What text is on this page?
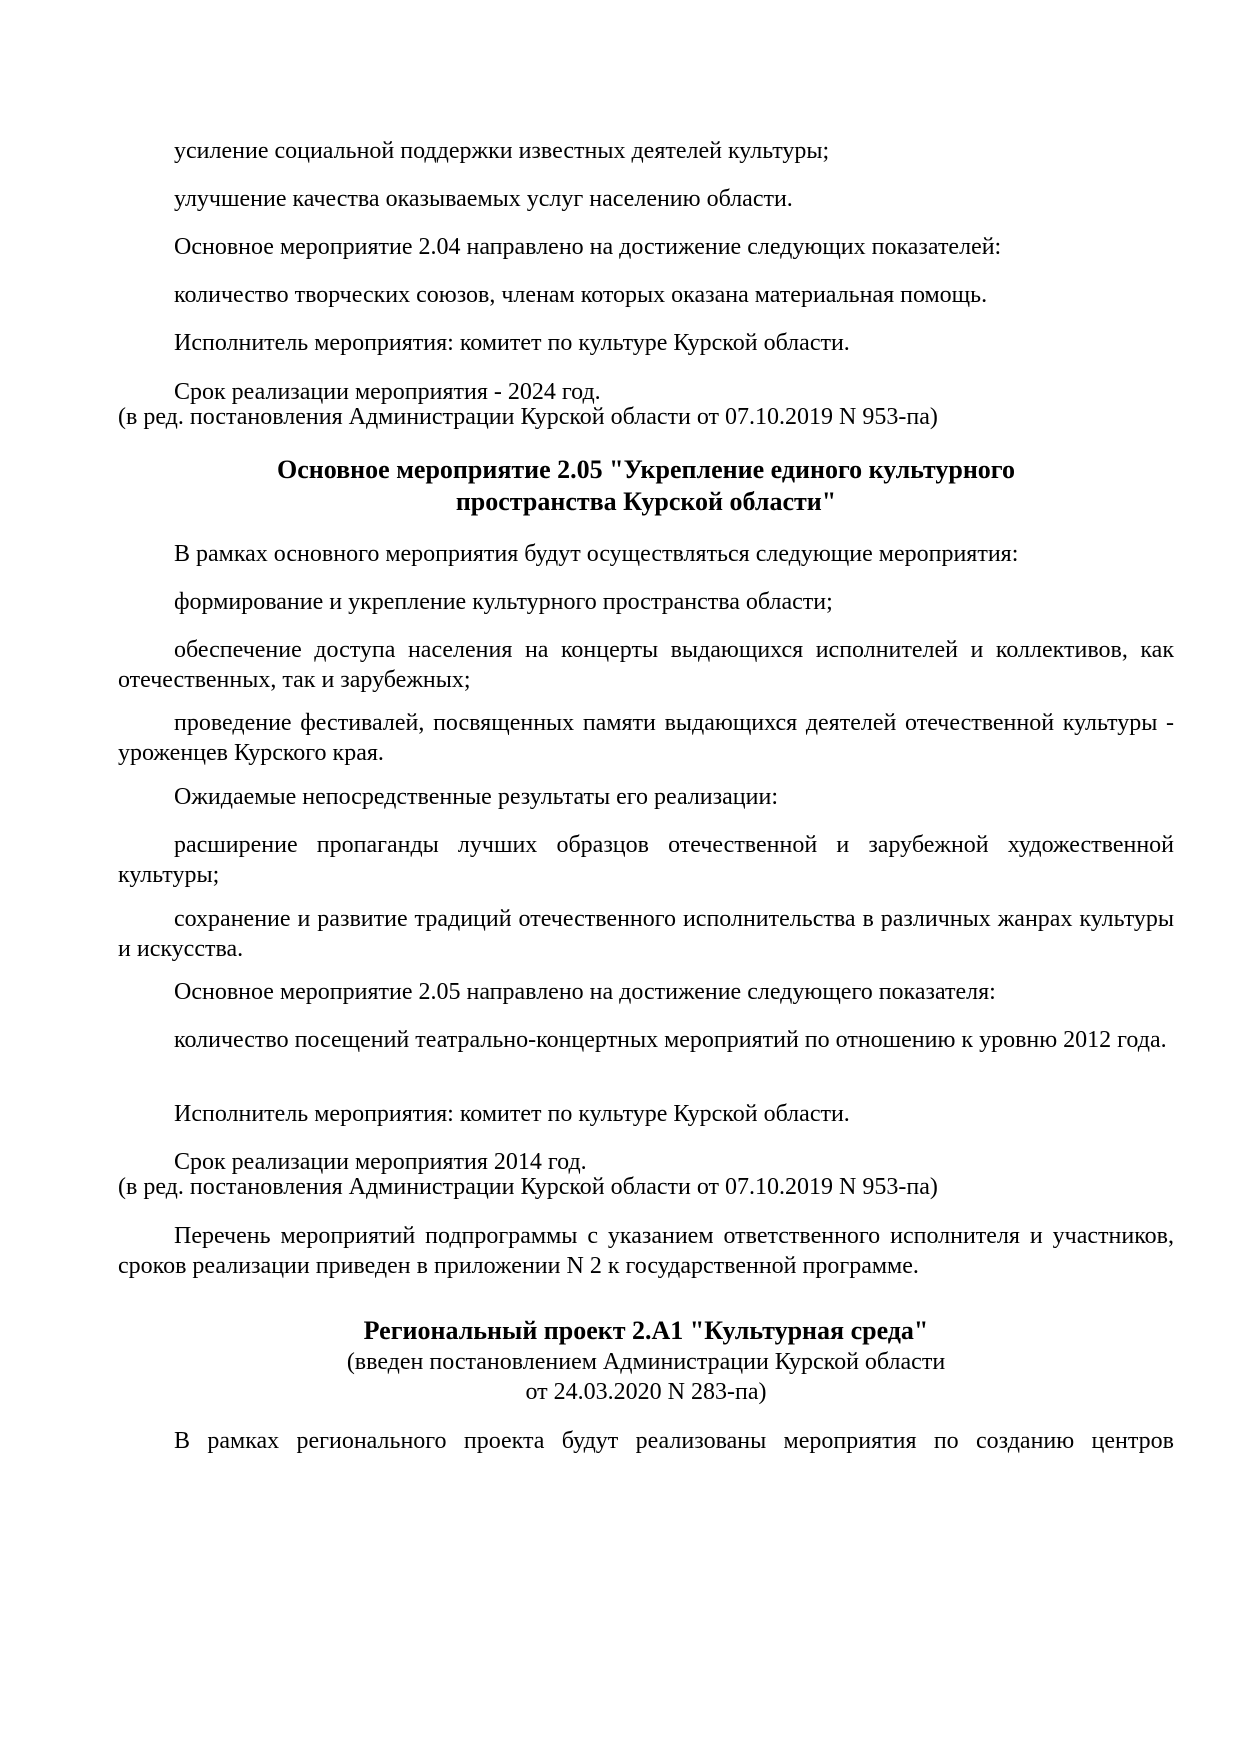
усиление социальной поддержки известных деятелей культуры;

улучшение качества оказываемых услуг населению области.

Основное мероприятие 2.04 направлено на достижение следующих показателей:

количество творческих союзов, членам которых оказана материальная помощь.

Исполнитель мероприятия: комитет по культуре Курской области.

Срок реализации мероприятия - 2024 год.

(в ред. постановления Администрации Курской области от 07.10.2019 N 953-па)

Основное мероприятие 2.05 "Укрепление единого культурного
пространства Курской области"

В рамках основного мероприятия будут осуществляться следующие мероприятия:

формирование и укрепление культурного пространства области;

обеспечение доступа населения на концерты выдающихся исполнителей и коллективов, как отечественных, так и зарубежных;

проведение фестивалей, посвященных памяти выдающихся деятелей отечественной культуры - уроженцев Курского края.

Ожидаемые непосредственные результаты его реализации:

расширение пропаганды лучших образцов отечественной и зарубежной художественной культуры;

сохранение и развитие традиций отечественного исполнительства в различных жанрах культуры и искусства.

Основное мероприятие 2.05 направлено на достижение следующего показателя:

количество посещений театрально-концертных мероприятий по отношению к уровню 2012 года.

Исполнитель мероприятия: комитет по культуре Курской области.

Срок реализации мероприятия 2014 год.

(в ред. постановления Администрации Курской области от 07.10.2019 N 953-па)

Перечень мероприятий подпрограммы с указанием ответственного исполнителя и участников, сроков реализации приведен в приложении N 2 к государственной программе.

Региональный проект 2.А1 "Культурная среда"
(введен постановлением Администрации Курской области
от 24.03.2020 N 283-па)

В рамках регионального проекта будут реализованы мероприятия по созданию центров
